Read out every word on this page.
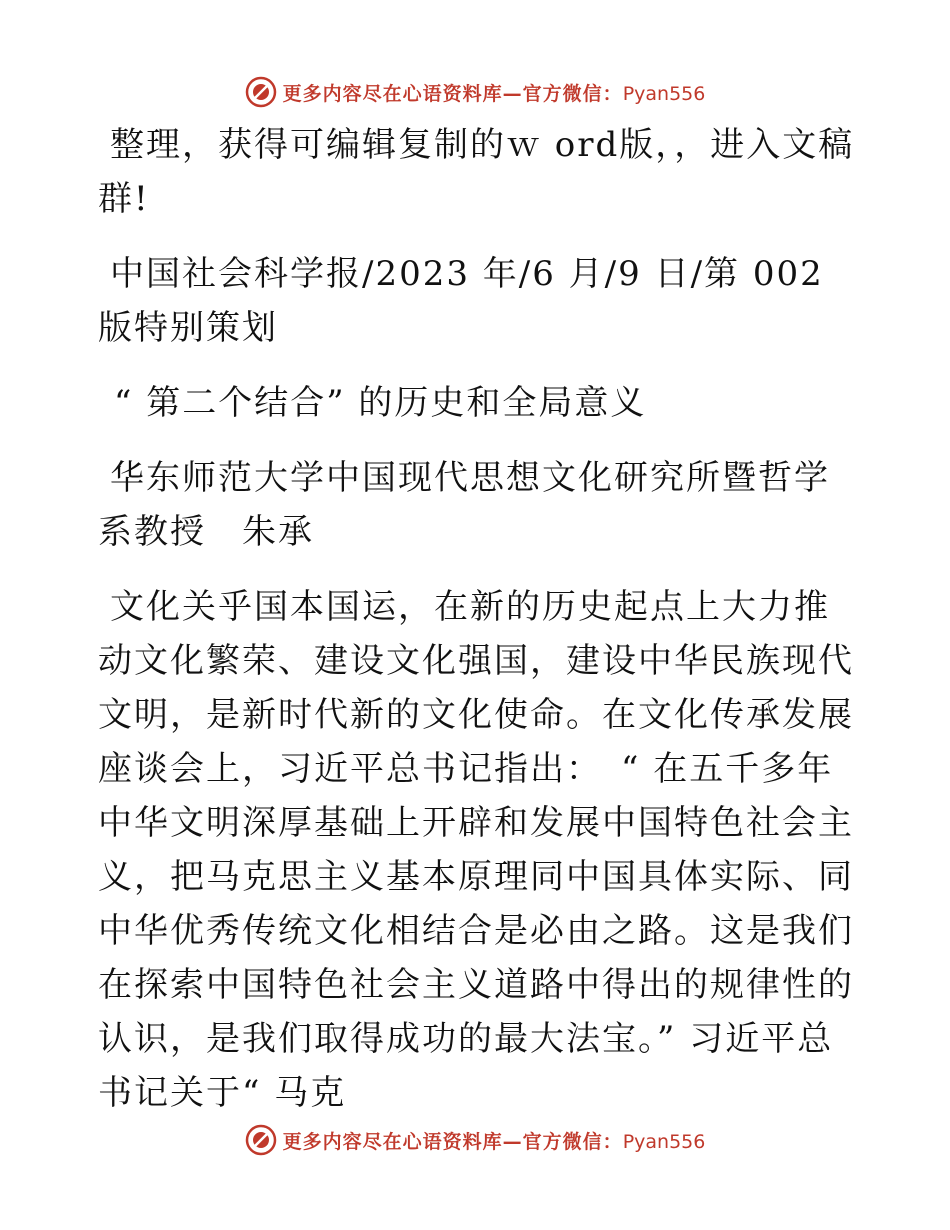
更多内容尽在心语资料库—官方微信：Pyan556

整理，获得可编辑复制的ｗ ord版，，进入文稿群!

中国社会科学报/2023 年/6 月/9 日/第 002 版特别策划

“ 第二个结合” 的历史和全局意义

华东师范大学中国现代思想文化研究所暨哲学系教授　朱承

文化关乎国本国运，在新的历史起点上大力推动文化繁荣、建设文化强国，建设中华民族现代文明，是新时代新的文化使命。在文化传承发展座谈会上，习近平总书记指出：　“ 在五千多年中华文明深厚基础上开辟和发展中国特色社会主义，把马克思主义基本原理同中国具体实际、同中华优秀传统文化相结合是必由之路。这是我们在探索中国特色社会主义道路中得出的规律性的认识，是我们取得成功的最大法宝。” 习近平总书记关于“ 马克

更多内容尽在心语资料库—官方微信：Pyan556
